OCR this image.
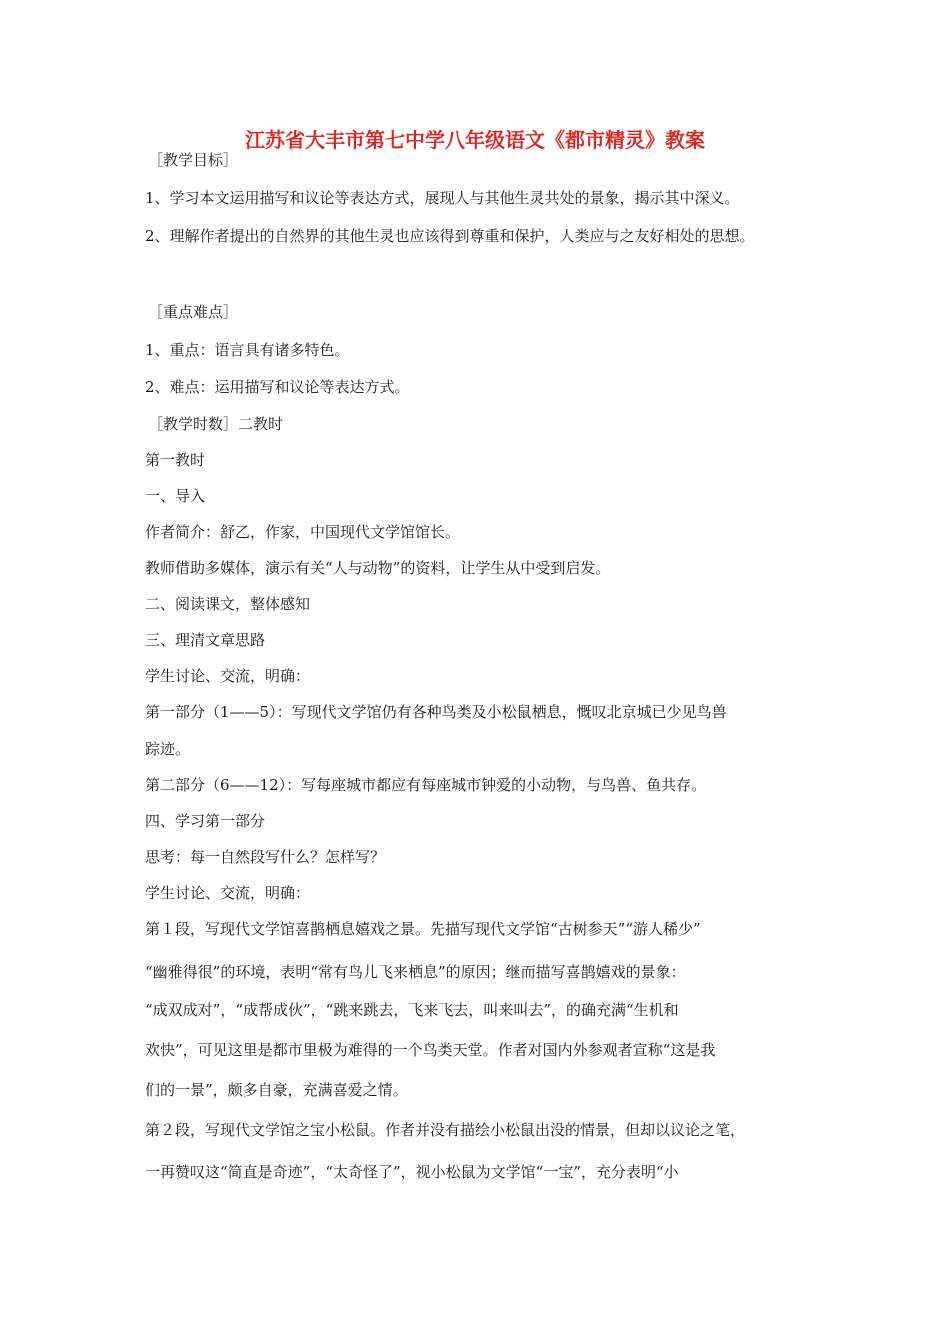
江苏省大丰市第七中学八年级语文《都市精灵》教案
［教学目标］
1、学习本文运用描写和议论等表达方式，展现人与其他生灵共处的景象，揭示其中深义。
2、理解作者提出的自然界的其他生灵也应该得到尊重和保护，人类应与之友好相处的思想。
［重点难点］
1、重点：语言具有诸多特色。
2、难点：运用描写和议论等表达方式。
［教学时数］二教时
第一教时
一、导入
作者简介：舒乙，作家，中国现代文学馆馆长。
教师借助多媒体，演示有关“人与动物”的资料，让学生从中受到启发。
二、阅读课文，整体感知
三、理清文章思路
学生讨论、交流，明确：
第一部分（1——5）：写现代文学馆仍有各种鸟类及小松鼠栖息，慨叹北京城已少见鸟兽
踪迹。
第二部分（6——12）：写每座城市都应有每座城市钟爱的小动物，与鸟兽、鱼共存。
四、学习第一部分
思考：每一自然段写什么？怎样写？
学生讨论、交流，明确：
第１段，写现代文学馆喜鹊栖息嬉戏之景。先描写现代文学馆“古树参天”“游人稀少”
“幽雅得很”的环境，表明“常有鸟儿飞来栖息”的原因；继而描写喜鹊嬉戏的景象：
“成双成对”，“成帮成伙”，“跳来跳去，飞来飞去，叫来叫去”，的确充满“生机和
欢快”，可见这里是都市里极为难得的一个鸟类天堂。作者对国内外参观者宣称“这是我
们的一景”，颇多自豪，充满喜爱之情。
第２段，写现代文学馆之宝小松鼠。作者并没有描绘小松鼠出没的情景，但却以议论之笔，
一再赞叹这“简直是奇迹”，“太奇怪了”，视小松鼠为文学馆“一宝”，充分表明“小
